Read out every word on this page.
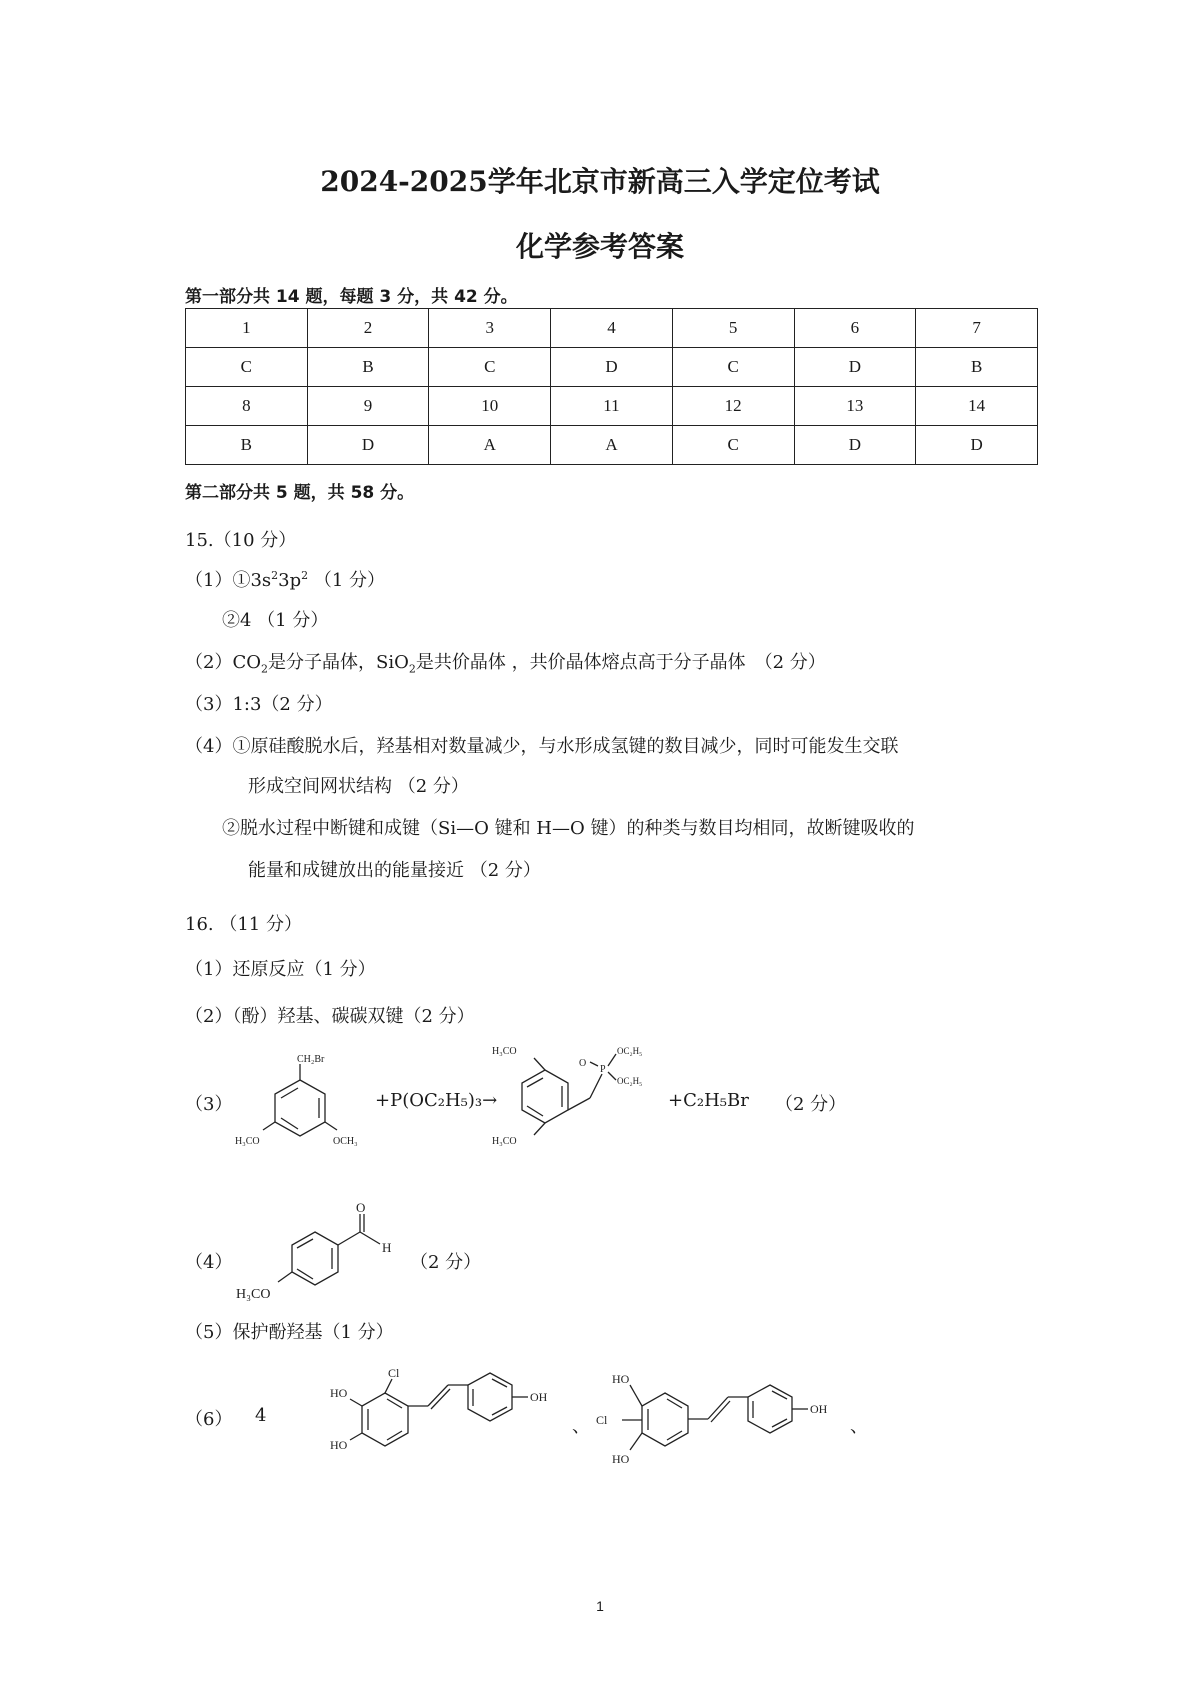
2024-2025学年北京市新高三入学定位考试
化学参考答案
第一部分共 14 题，每题 3 分，共 42 分。
1	2	3	4	5	6	7
C	B	C	D	C	D	B
8	9	10	11	12	13	14
B	D	A	A	C	D	D
第二部分共 5 题，共 58 分。
15.（10 分）
$(1)①3s^23p^2$ （1 分）
②4 （1 分）
$(2)CO_2$是分子晶体，SiO$_2$是共价晶体 ，共价晶体熔点高于分子晶体　（2 分）
（3）1:3（2 分）
（4）①原硅酸脱水后，羟基相对数量减少，与水形成氢键的数目减少，同时可能发生交联
形成空间网状结构 （2 分）
②脱水过程中断键和成键（Si—O 键和 H—O 键）的种类与数目均相同，故断键吸收的
能量和成键放出的能量接近 （2 分）
16. （11 分）
（1）还原反应（1 分）
（2）（酚）羟基、碳碳双键（2 分）
（3）
CH₂Br
H₃CO	OCH₃
+P(OC₂H₅)₃→
H₃CO
H₃CO
O
P
OC₂H₅
OC₂H₅
+C₂H₅Br （2 分）
（4）
O
H
H₃CO
（2 分）
（5）保护酚羟基（1 分）
（6） 4
HO
Cl
HO
OH
、
HO
Cl
HO
OH
、
1
